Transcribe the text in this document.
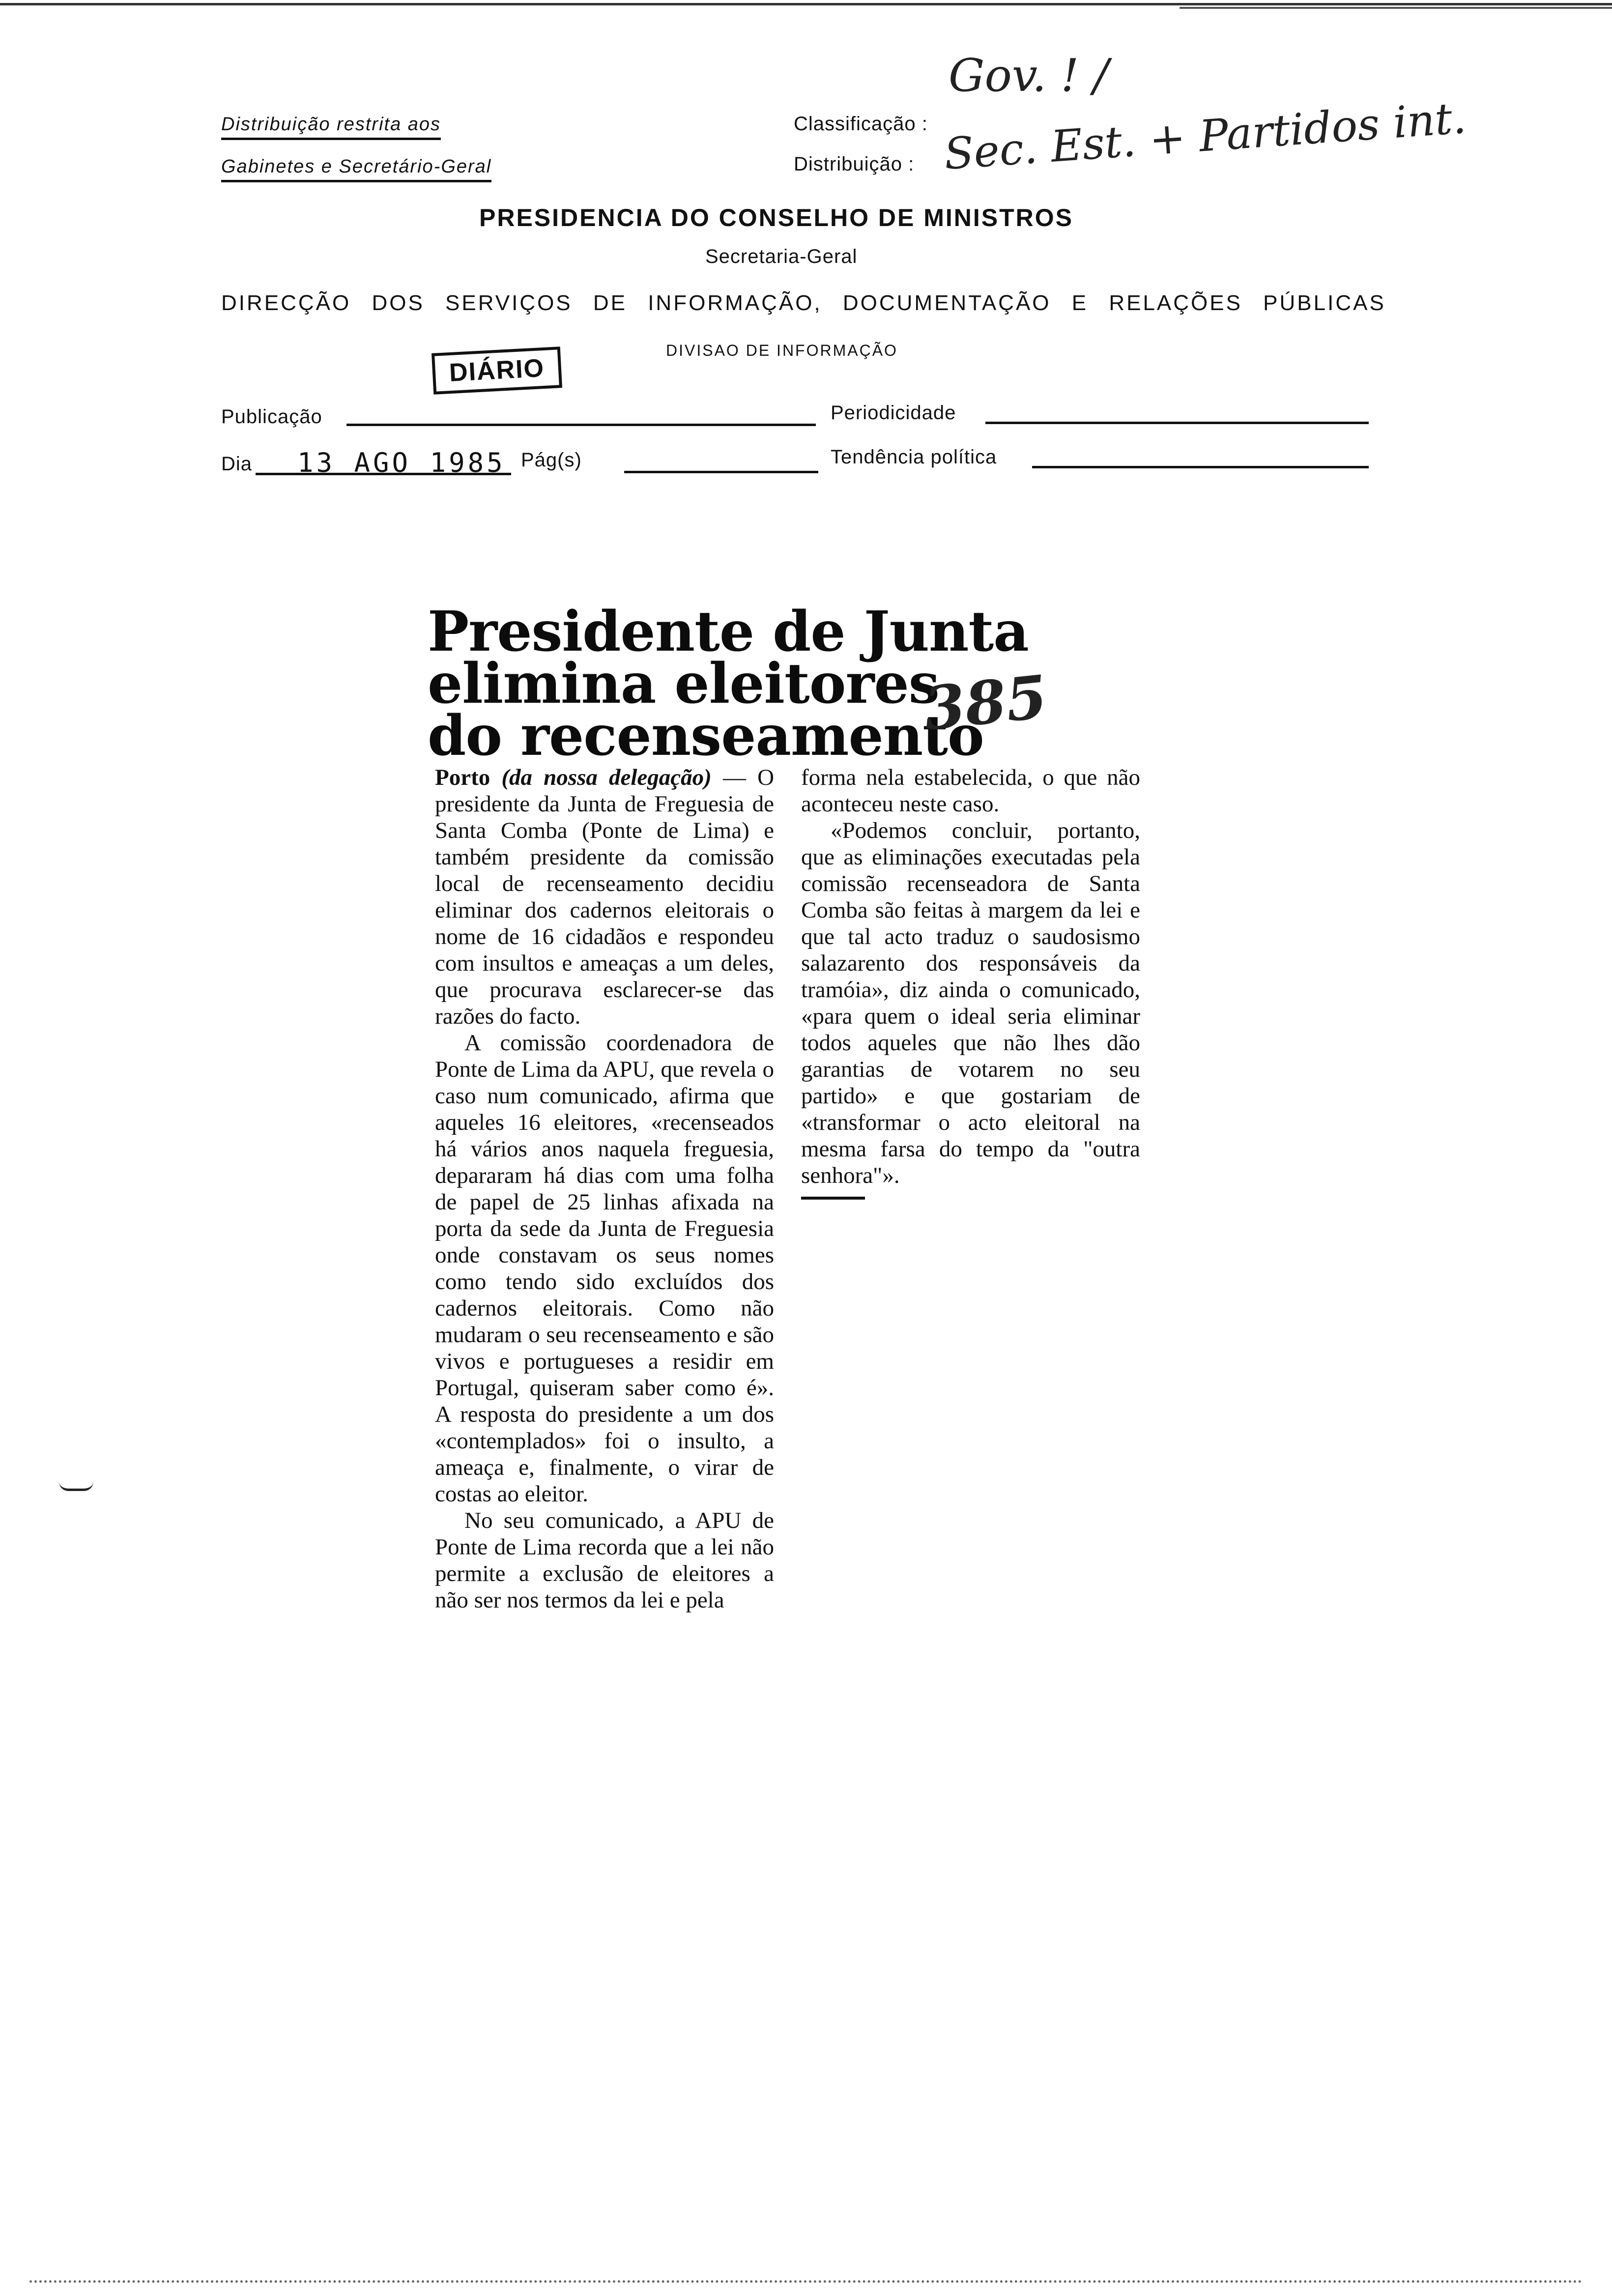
Distribuição restrita aos
Gabinetes e Secretário-Geral
Gov. ! /
Classificação :
Distribuição : Sec. Est. + Partidos int.
PRESIDENCIA DO CONSELHO DE MINISTROS
Secretaria-Geral
DIRECÇÃO DOS SERVIÇOS DE INFORMAÇÃO, DOCUMENTAÇÃO E RELAÇÕES PÚBLICAS
DIVISAO DE INFORMAÇÃO
DIÁRIO
Publicação	Periodicidade
Dia 13 AGO 1985 Pág(s)	Tendência política
Presidente de Junta
elimina eleitores
do recenseamento
385

Porto (da nossa delegação) — O presidente da Junta de Freguesia de Santa Comba (Ponte de Lima) e também presidente da comissão local de recenseamento decidiu eliminar dos cadernos eleitorais o nome de 16 cidadãos e respondeu com insultos e ameaças a um deles, que procurava esclarecer-se das razões do facto.

A comissão coordenadora de Ponte de Lima da APU, que revela o caso num comunicado, afirma que aqueles 16 eleitores, «recenseados há vários anos naquela freguesia, depararam há dias com uma folha de papel de 25 linhas afixada na porta da sede da Junta de Freguesia onde constavam os seus nomes como tendo sido excluídos dos cadernos eleitorais. Como não mudaram o seu recenseamento e são vivos e portugueses a residir em Portugal, quiseram saber como é». A resposta do presidente a um dos «contemplados» foi o insulto, a ameaça e, finalmente, o virar de costas ao eleitor.

No seu comunicado, a APU de Ponte de Lima recorda que a lei não permite a exclusão de eleitores a não ser nos termos da lei e pela

forma nela estabelecida, o que não aconteceu neste caso.

«Podemos concluir, portanto, que as eliminações executadas pela comissão recenseadora de Santa Comba são feitas à margem da lei e que tal acto traduz o saudosismo salazarento dos responsáveis da tramóia», diz ainda o comunicado, «para quem o ideal seria eliminar todos aqueles que não lhes dão garantias de votarem no seu partido» e que gostariam de «transformar o acto eleitoral na mesma farsa do tempo da "outra senhora"».
